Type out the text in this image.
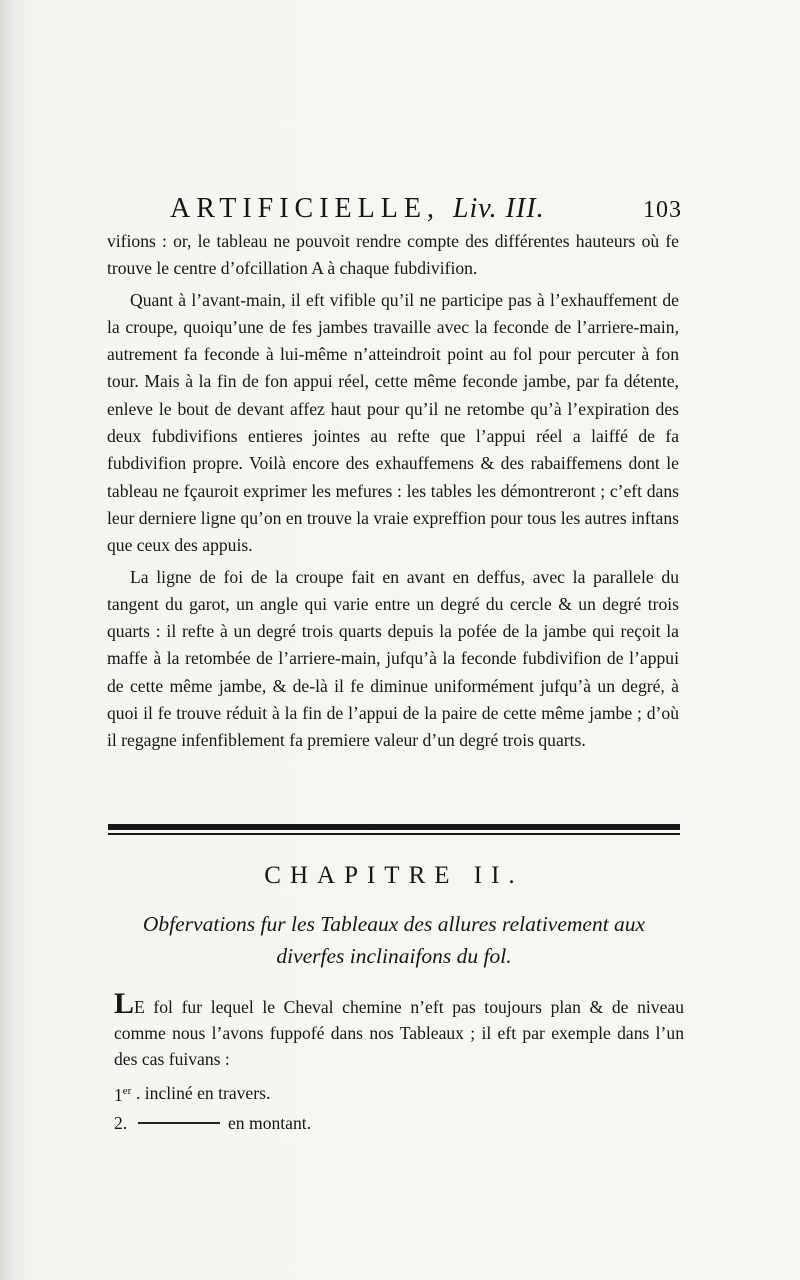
ARTIFICIELLE, Liv. III.	103

vifions : or, le tableau ne pouvoit rendre compte des différentes hauteurs où fe trouve le centre d’ofcillation A à chaque fubdivifion.

Quant à l’avant-main, il eft vifible qu’il ne participe pas à l’exhauffement de la croupe, quoiqu’une de fes jambes travaille avec la feconde de l’arriere-main, autrement fa feconde à lui-même n’atteindroit point au fol pour percuter à fon tour. Mais à la fin de fon appui réel, cette même feconde jambe, par fa détente, enleve le bout de devant affez haut pour qu’il ne retombe qu’à l’expiration des deux fubdivifions entieres jointes au refte que l’appui réel a laiffé de fa fubdivifion propre. Voilà encore des exhauffemens & des rabaiffemens dont le tableau ne fçauroit exprimer les mefures : les tables les démontreront ; c’eft dans leur derniere ligne qu’on en trouve la vraie expreffion pour tous les autres inftans que ceux des appuis.

La ligne de foi de la croupe fait en avant en deffus, avec la parallele du tangent du garot, un angle qui varie entre un degré du cercle & un degré trois quarts : il refte à un degré trois quarts depuis la pofée de la jambe qui reçoit la maffe à la retombée de l’arriere-main, jufqu’à la feconde fubdivifion de l’appui de cette même jambe, & de-là il fe diminue uniformément jufqu’à un degré, à quoi il fe trouve réduit à la fin de l’appui de la paire de cette même jambe ; d’où il regagne infenfiblement fa premiere valeur d’un degré trois quarts.

CHAPITRE II.
Obfervations fur les Tableaux des allures relativement aux diverfes inclinaifons du fol.
LE fol fur lequel le Cheval chemine n’eft pas toujours plan & de niveau comme nous l’avons fuppofé dans nos Tableaux ; il eft par exemple dans l’un des cas fuivans :
1er . incliné en travers.
2.	en montant.
